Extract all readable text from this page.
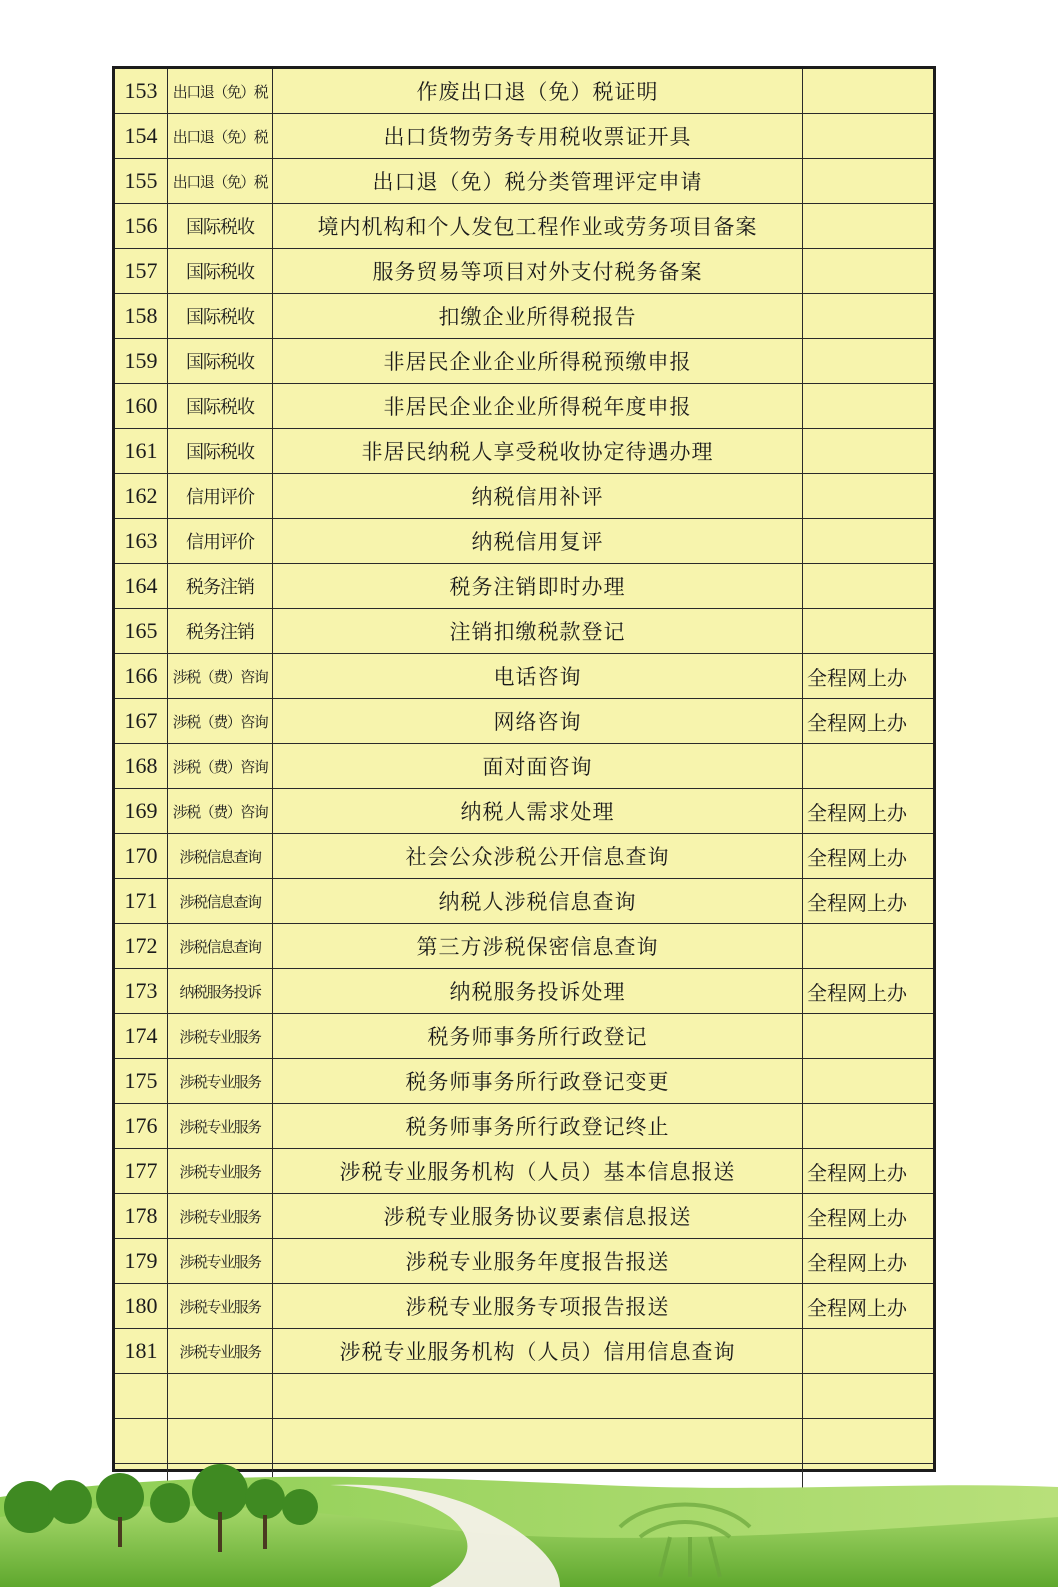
153	出口退（免）税	作废出口退（免）税证明	
154	出口退（免）税	出口货物劳务专用税收票证开具	
155	出口退（免）税	出口退（免）税分类管理评定申请	
156	国际税收	境内机构和个人发包工程作业或劳务项目备案	
157	国际税收	服务贸易等项目对外支付税务备案	
158	国际税收	扣缴企业所得税报告	
159	国际税收	非居民企业企业所得税预缴申报	
160	国际税收	非居民企业企业所得税年度申报	
161	国际税收	非居民纳税人享受税收协定待遇办理	
162	信用评价	纳税信用补评	
163	信用评价	纳税信用复评	
164	税务注销	税务注销即时办理	
165	税务注销	注销扣缴税款登记	
166	涉税（费）咨询	电话咨询	全程网上办
167	涉税（费）咨询	网络咨询	全程网上办
168	涉税（费）咨询	面对面咨询	
169	涉税（费）咨询	纳税人需求处理	全程网上办
170	涉税信息查询	社会公众涉税公开信息查询	全程网上办
171	涉税信息查询	纳税人涉税信息查询	全程网上办
172	涉税信息查询	第三方涉税保密信息查询	
173	纳税服务投诉	纳税服务投诉处理	全程网上办
174	涉税专业服务	税务师事务所行政登记	
175	涉税专业服务	税务师事务所行政登记变更	
176	涉税专业服务	税务师事务所行政登记终止	
177	涉税专业服务	涉税专业服务机构（人员）基本信息报送	全程网上办
178	涉税专业服务	涉税专业服务协议要素信息报送	全程网上办
179	涉税专业服务	涉税专业服务年度报告报送	全程网上办
180	涉税专业服务	涉税专业服务专项报告报送	全程网上办
181	涉税专业服务	涉税专业服务机构（人员）信用信息查询	
